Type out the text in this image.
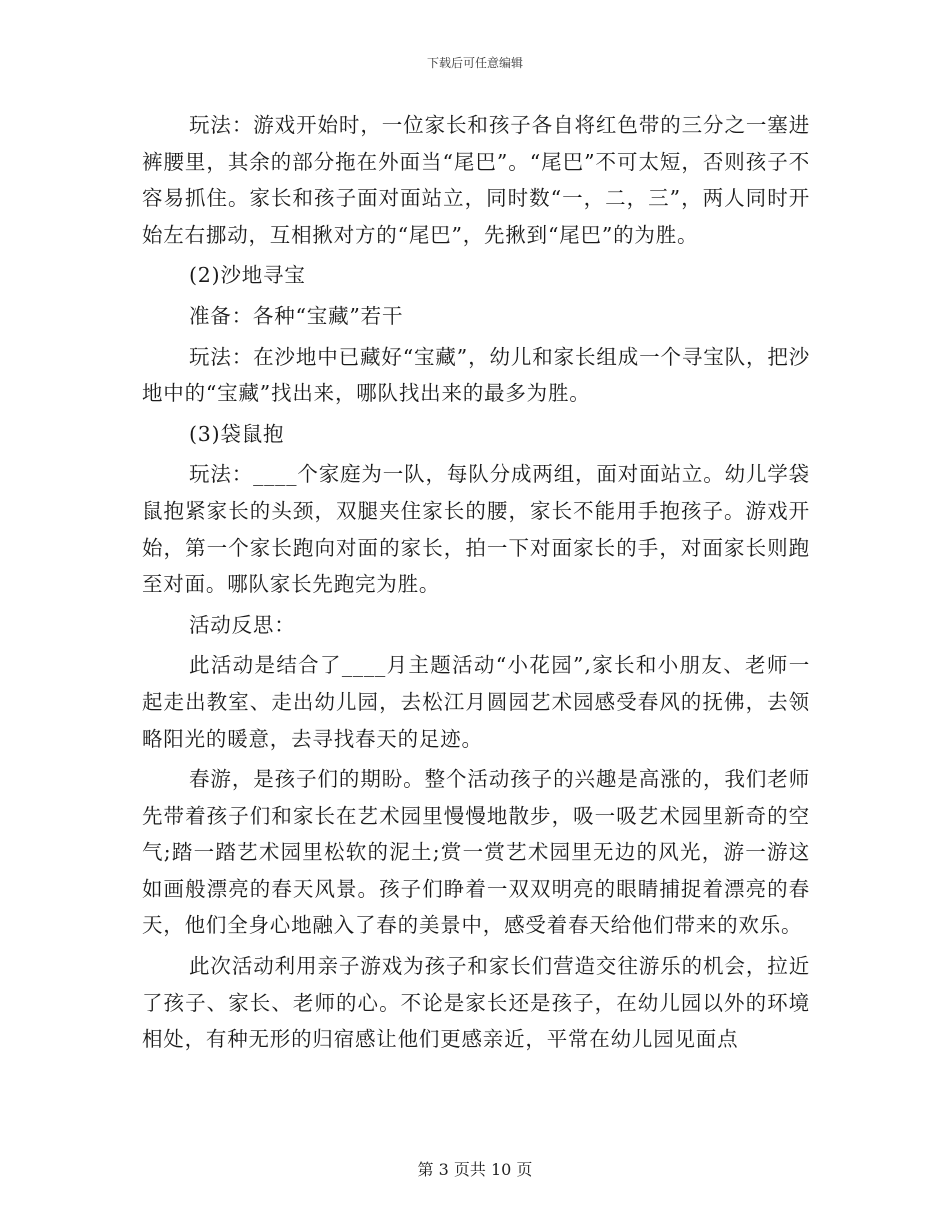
下载后可任意编辑

玩法：游戏开始时，一位家长和孩子各自将红色带的三分之一塞进裤腰里，其余的部分拖在外面当“尾巴”。“尾巴”不可太短，否则孩子不容易抓住。家长和孩子面对面站立，同时数“一，二，三”，两人同时开始左右挪动，互相揪对方的“尾巴”，先揪到“尾巴”的为胜。

(2)沙地寻宝

准备：各种“宝藏”若干

玩法：在沙地中已藏好“宝藏”，幼儿和家长组成一个寻宝队，把沙地中的“宝藏”找出来，哪队找出来的最多为胜。

(3)袋鼠抱

玩法：____个家庭为一队，每队分成两组，面对面站立。幼儿学袋鼠抱紧家长的头颈，双腿夹住家长的腰，家长不能用手抱孩子。游戏开始，第一个家长跑向对面的家长，拍一下对面家长的手，对面家长则跑至对面。哪队家长先跑完为胜。

活动反思：

此活动是结合了____月主题活动“小花园”,家长和小朋友、老师一起走出教室、走出幼儿园，去松江月圆园艺术园感受春风的抚佛，去领略阳光的暖意，去寻找春天的足迹。

春游，是孩子们的期盼。整个活动孩子的兴趣是高涨的，我们老师先带着孩子们和家长在艺术园里慢慢地散步，吸一吸艺术园里新奇的空气;踏一踏艺术园里松软的泥土;赏一赏艺术园里无边的风光，游一游这如画般漂亮的春天风景。孩子们睁着一双双明亮的眼睛捕捉着漂亮的春天，他们全身心地融入了春的美景中，感受着春天给他们带来的欢乐。

此次活动利用亲子游戏为孩子和家长们营造交往游乐的机会，拉近了孩子、家长、老师的心。不论是家长还是孩子，在幼儿园以外的环境相处，有种无形的归宿感让他们更感亲近，平常在幼儿园见面点

第 3 页共 10 页
